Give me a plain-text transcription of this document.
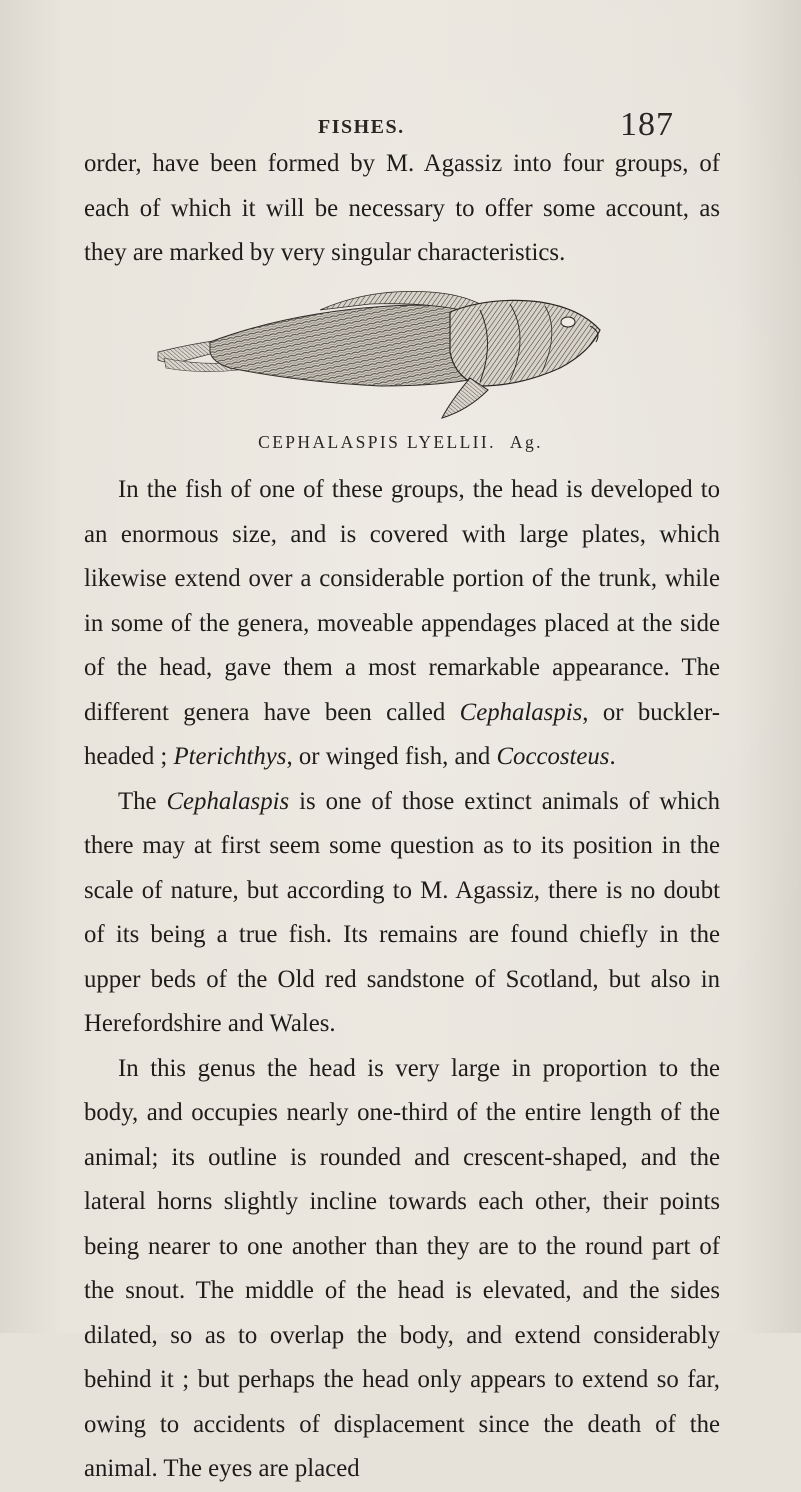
FISHES.	187

order, have been formed by M. Agassiz into four groups, of each of which it will be necessary to offer some account, as they are marked by very singular characteristics.

CEPHALASPIS LYELLII. Ag.

In the fish of one of these groups, the head is developed to an enormous size, and is covered with large plates, which likewise extend over a considerable portion of the trunk, while in some of the genera, moveable appendages placed at the side of the head, gave them a most remarkable appearance. The different genera have been called Cephalaspis, or buckler-headed ; Pterichthys, or winged fish, and Coccosteus.

The Cephalaspis is one of those extinct animals of which there may at first seem some question as to its position in the scale of nature, but according to M. Agassiz, there is no doubt of its being a true fish. Its remains are found chiefly in the upper beds of the Old red sandstone of Scotland, but also in Herefordshire and Wales.

In this genus the head is very large in proportion to the body, and occupies nearly one-third of the entire length of the animal; its outline is rounded and crescent-shaped, and the lateral horns slightly incline towards each other, their points being nearer to one another than they are to the round part of the snout. The middle of the head is elevated, and the sides dilated, so as to overlap the body, and extend considerably behind it ; but perhaps the head only appears to extend so far, owing to accidents of displacement since the death of the animal. The eyes are placed
